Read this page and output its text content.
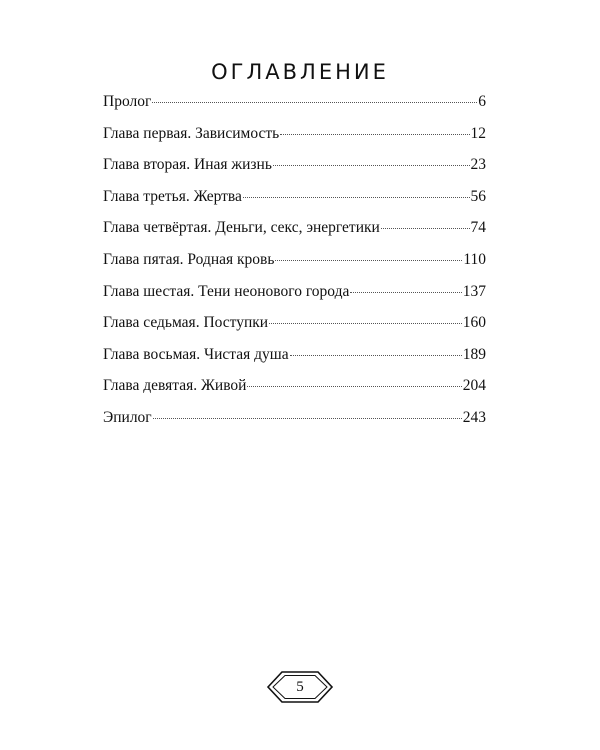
ОГЛАВЛЕНИЕ
Пролог	6
Глава первая. Зависимость	12
Глава вторая. Иная жизнь	23
Глава третья. Жертва	56
Глава четвёртая. Деньги, секс, энергетики	74
Глава пятая. Родная кровь	110
Глава шестая. Тени неонового города	137
Глава седьмая. Поступки	160
Глава восьмая. Чистая душа	189
Глава девятая. Живой	204
Эпилог	243
5
